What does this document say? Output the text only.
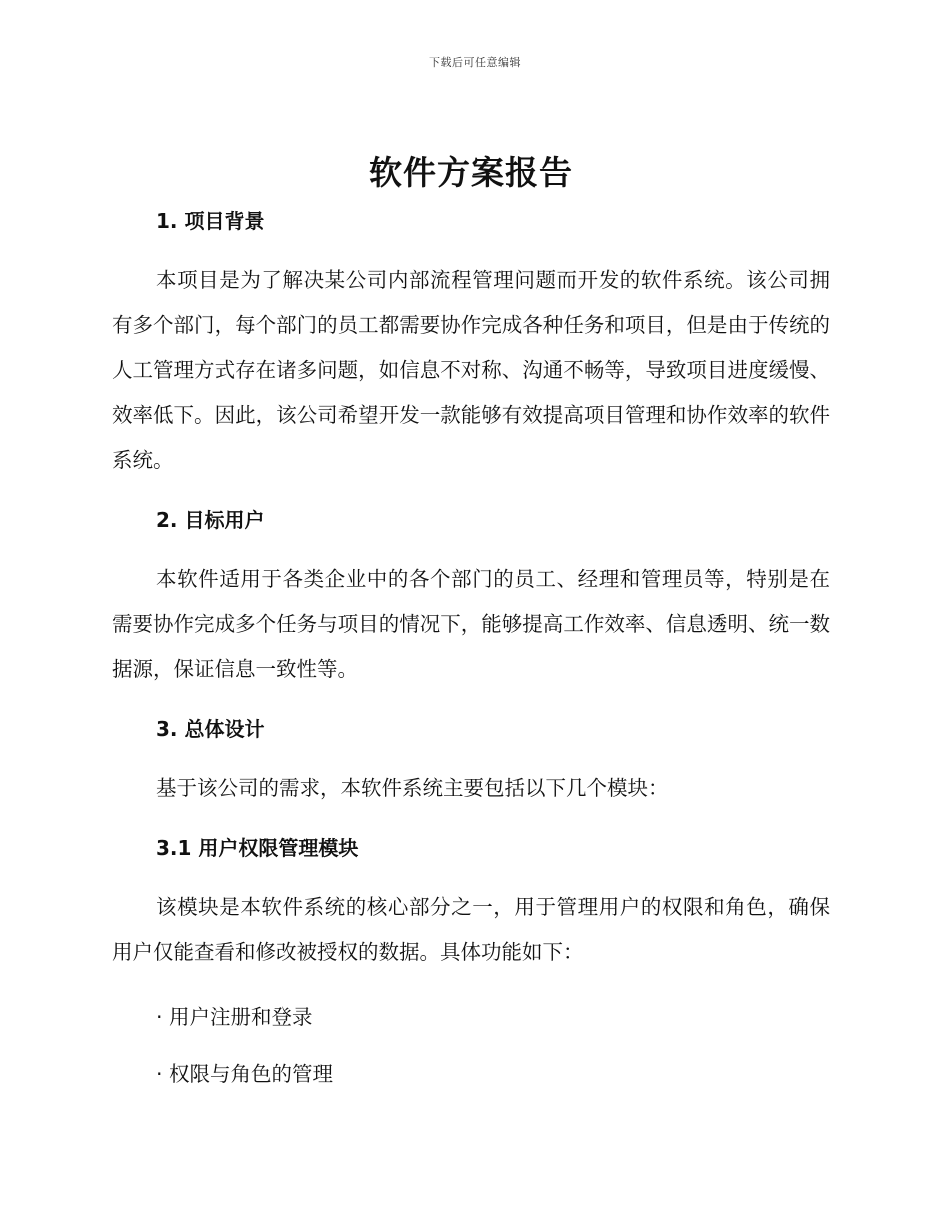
下载后可任意编辑
软件方案报告
1. 项目背景

本项目是为了解决某公司内部流程管理问题而开发的软件系统。该公司拥有多个部门，每个部门的员工都需要协作完成各种任务和项目，但是由于传统的人工管理方式存在诸多问题，如信息不对称、沟通不畅等，导致项目进度缓慢、效率低下。因此，该公司希望开发一款能够有效提高项目管理和协作效率的软件系统。

2. 目标用户

本软件适用于各类企业中的各个部门的员工、经理和管理员等，特别是在需要协作完成多个任务与项目的情况下，能够提高工作效率、信息透明、统一数据源，保证信息一致性等。

3. 总体设计

基于该公司的需求，本软件系统主要包括以下几个模块：

3.1 用户权限管理模块

该模块是本软件系统的核心部分之一，用于管理用户的权限和角色，确保用户仅能查看和修改被授权的数据。具体功能如下：

· 用户注册和登录

· 权限与角色的管理
